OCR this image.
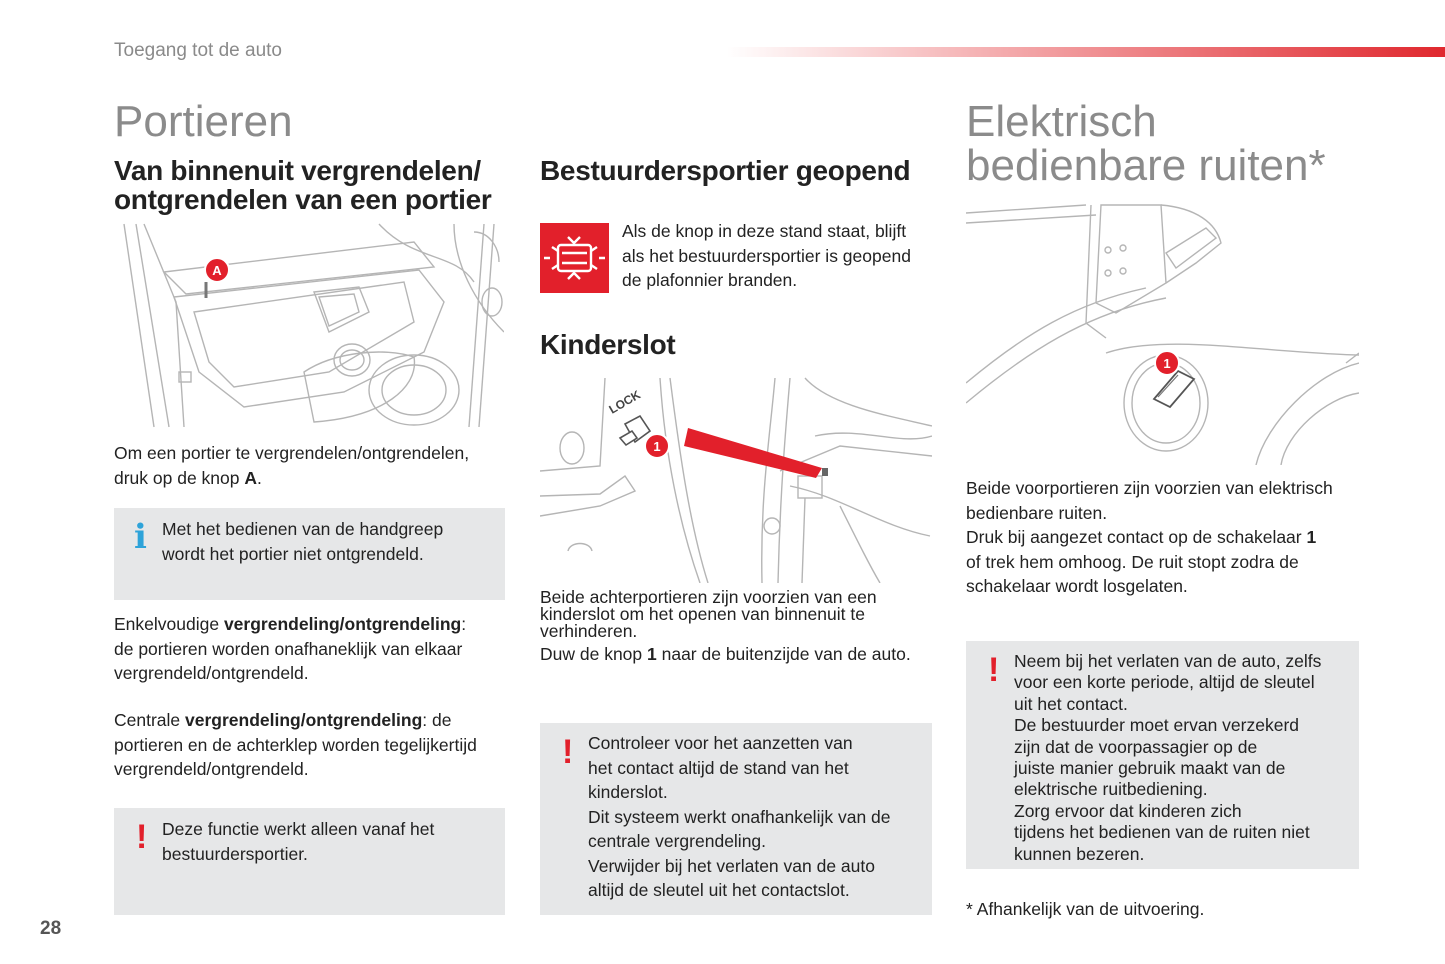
Toegang tot de auto
Portieren
Van binnenuit vergrendelen/
ontgrendelen van een portier
A
Om een portier te vergrendelen/ontgrendelen,
druk op de knop A.
i Met het bedienen van de handgreep
wordt het portier niet ontgrendeld.
Enkelvoudige vergrendeling/ontgrendeling:
de portieren worden onafhaneklijk van elkaar
vergrendeld/ontgrendeld.
Centrale vergrendeling/ontgrendeling: de
portieren en de achterklep worden tegelijkertijd
vergrendeld/ontgrendeld.
! Deze functie werkt alleen vanaf het
bestuurdersportier.
Bestuurdersportier geopend
Als de knop in deze stand staat, blijft
als het bestuurdersportier is geopend
de plafonnier branden.
Kinderslot
LOCK
1
Beide achterportieren zijn voorzien van een
kinderslot om het openen van binnenuit te
verhinderen.
Duw de knop 1 naar de buitenzijde van de auto.
! Controleer voor het aanzetten van
het contact altijd de stand van het
kinderslot.
Dit systeem werkt onafhankelijk van de
centrale vergrendeling.
Verwijder bij het verlaten van de auto
altijd de sleutel uit het contactslot.
Elektrisch
bedienbare ruiten*
1
Beide voorportieren zijn voorzien van elektrisch
bedienbare ruiten.
Druk bij aangezet contact op de schakelaar 1
of trek hem omhoog. De ruit stopt zodra de
schakelaar wordt losgelaten.
! Neem bij het verlaten van de auto, zelfs
voor een korte periode, altijd de sleutel
uit het contact.
De bestuurder moet ervan verzekerd
zijn dat de voorpassagier op de
juiste manier gebruik maakt van de
elektrische ruitbediening.
Zorg ervoor dat kinderen zich
tijdens het bedienen van de ruiten niet
kunnen bezeren.
* Afhankelijk van de uitvoering.
28
